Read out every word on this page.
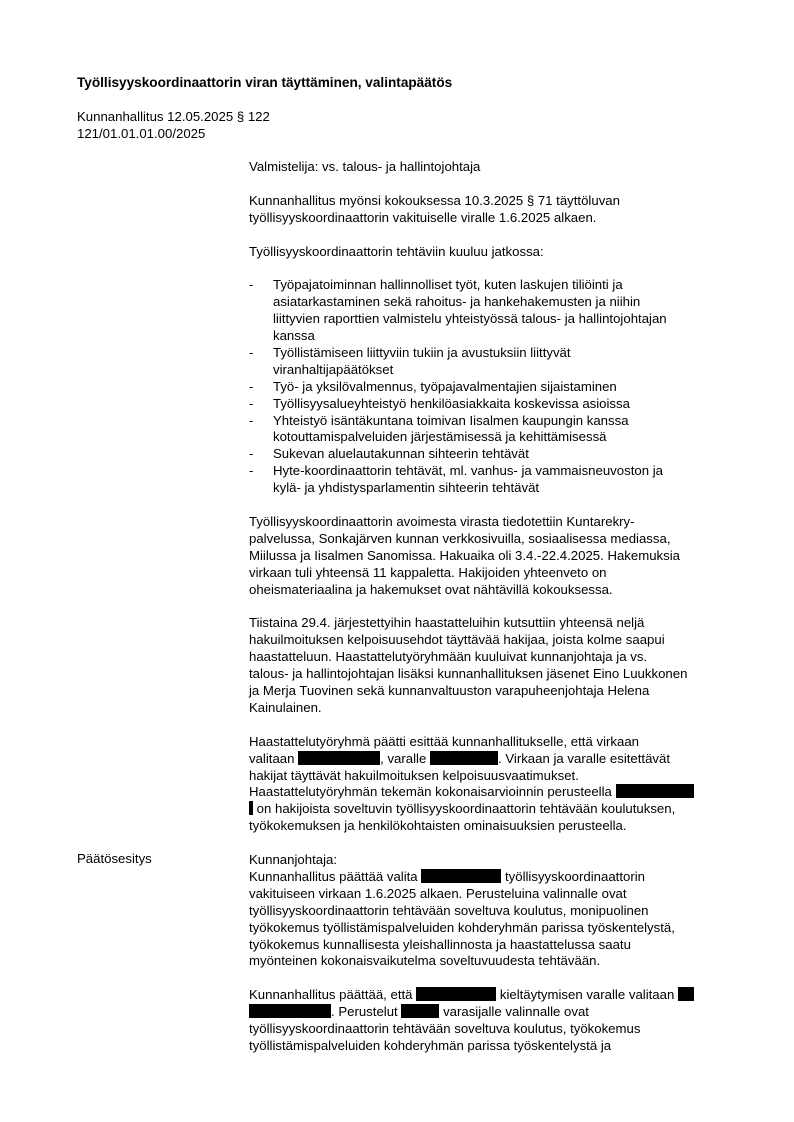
Työllisyyskoordinaattorin viran täyttäminen, valintapäätös
Kunnanhallitus 12.05.2025 § 122
121/01.01.01.00/2025

Valmistelija: vs. talous- ja hallintojohtaja

Kunnanhallitus myönsi kokouksessa 10.3.2025 § 71 täyttöluvan
työllisyyskoordinaattorin vakituiselle viralle 1.6.2025 alkaen.

Työllisyyskoordinaattorin tehtäviin kuuluu jatkossa:

- Työpajatoiminnan hallinnolliset työt, kuten laskujen tiliöinti ja
asiatarkastaminen sekä rahoitus- ja hankehakemusten ja niihin
liittyvien raporttien valmistelu yhteistyössä talous- ja hallintojohtajan
kanssa
- Työllistämiseen liittyviin tukiin ja avustuksiin liittyvät
viranhaltijapäätökset
- Työ- ja yksilövalmennus, työpajavalmentajien sijaistaminen
- Työllisyysalueyhteistyö henkilöasiakkaita koskevissa asioissa
- Yhteistyö isäntäkuntana toimivan Iisalmen kaupungin kanssa
kotouttamispalveluiden järjestämisessä ja kehittämisessä
- Sukevan aluelautakunnan sihteerin tehtävät
- Hyte-koordinaattorin tehtävät, ml. vanhus- ja vammaisneuvoston ja
kylä- ja yhdistysparlamentin sihteerin tehtävät

Työllisyyskoordinaattorin avoimesta virasta tiedotettiin Kuntarekry-
palvelussa, Sonkajärven kunnan verkkosivuilla, sosiaalisessa mediassa,
Miilussa ja Iisalmen Sanomissa. Hakuaika oli 3.4.-22.4.2025. Hakemuksia
virkaan tuli yhteensä 11 kappaletta. Hakijoiden yhteenveto on
oheismateriaalina ja hakemukset ovat nähtävillä kokouksessa.

Tiistaina 29.4. järjestettyihin haastatteluihin kutsuttiin yhteensä neljä
hakuilmoituksen kelpoisuusehdot täyttävää hakijaa, joista kolme saapui
haastatteluun. Haastattelutyöryhmään kuuluivat kunnanjohtaja ja vs.
talous- ja hallintojohtajan lisäksi kunnanhallituksen jäsenet Eino Luukkonen
ja Merja Tuovinen sekä kunnanvaltuuston varapuheenjohtaja Helena
Kainulainen.

Haastattelutyöryhmä päätti esittää kunnanhallitukselle, että virkaan
valitaan	, varalle	. Virkaan ja varalle esitettävät
hakijat täyttävät hakuilmoituksen kelpoisuusvaatimukset.
Haastattelutyöryhmän tekemän kokonaisarvioinnin perusteella
on hakijoista soveltuvin työllisyyskoordinaattorin tehtävään koulutuksen,
työkokemuksen ja henkilökohtaisten ominaisuuksien perusteella.

Kunnanjohtaja:
Kunnanhallitus päättää valita	työllisyyskoordinaattorin
vakituiseen virkaan 1.6.2025 alkaen. Perusteluina valinnalle ovat
työllisyyskoordinaattorin tehtävään soveltuva koulutus, monipuolinen
työkokemus työllistämispalveluiden kohderyhmän parissa työskentelystä,
työkokemus kunnallisesta yleishallinnosta ja haastattelussa saatu
myönteinen kokonaisvaikutelma soveltuvuudesta tehtävään.

Kunnanhallitus päättää, että	kieltäytymisen varalle valitaan
. Perustelut	varasijalle valinnalle ovat
työllisyyskoordinaattorin tehtävään soveltuva koulutus, työkokemus
työllistämispalveluiden kohderyhmän parissa työskentelystä ja

Päätösesitys
